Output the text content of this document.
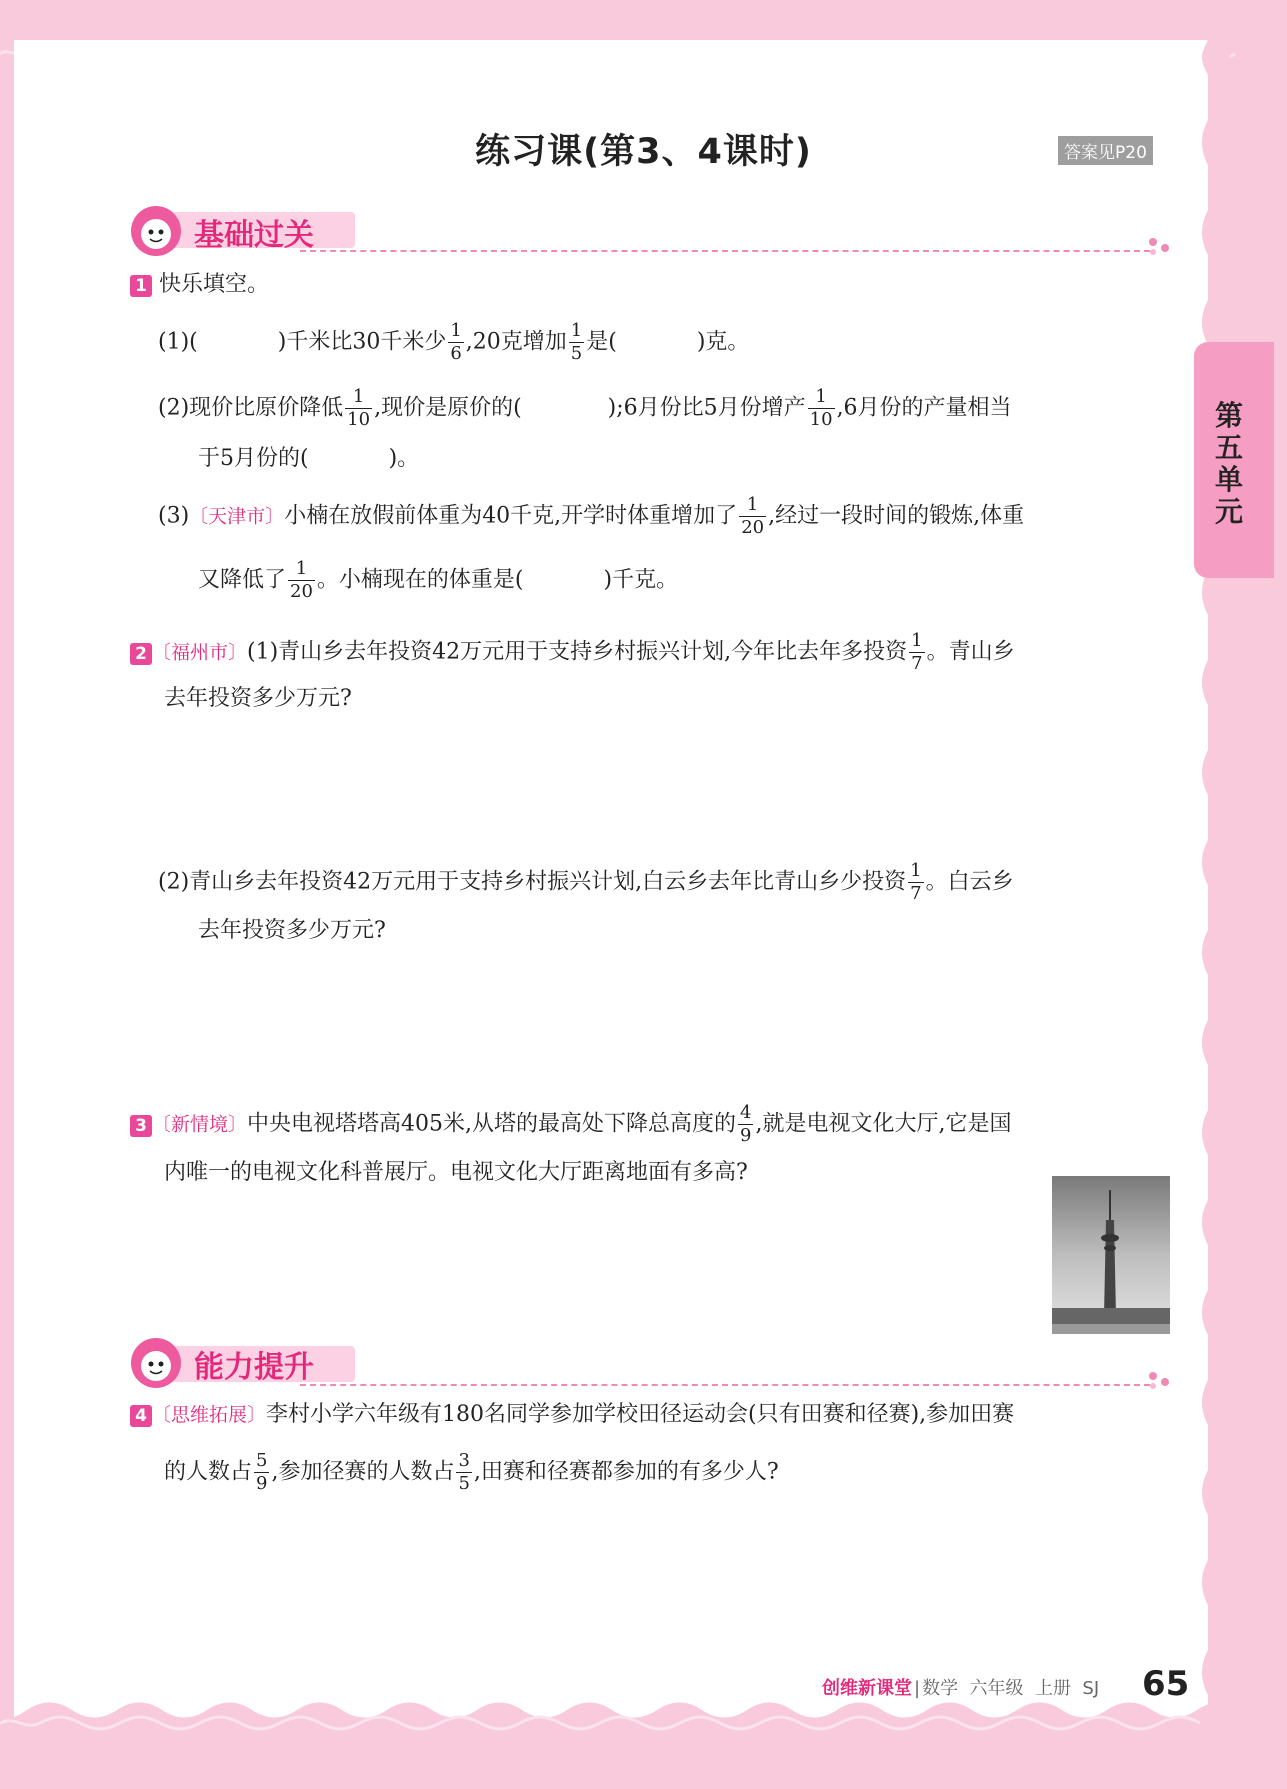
第五单元
练习课(第3、4课时)	答案见P20
基础过关
1 快乐填空。
(1)(	)千米比30千米少 $\frac{1}{6} ,20$克增加 $\frac{1}{5}$ 是(	)克。
(2)现价比原价降低 $\frac{1}{10}$ ,现价是原价的(	);6月份比5月份增产 $\frac{1}{10} ,6$月份的产量相当
于5月份的(	)。
(3)〔天津市〕小楠在放假前体重为40千克,开学时体重增加了 $\frac{1}{20}$ ,经过一段时间的锻炼,体重
又降低了 $\frac{1}{20}$ 。小楠现在的体重是(	)千克。
2 〔福州市〕(1)青山乡去年投资42万元用于支持乡村振兴计划,今年比去年多投资 $\frac{1}{7}$ 。青山乡
去年投资多少万元?
(2)青山乡去年投资42万元用于支持乡村振兴计划,白云乡去年比青山乡少投资 $\frac{1}{7}$ 。白云乡
去年投资多少万元?
3 〔新情境〕中央电视塔塔高405米,从塔的最高处下降总高度的 $\frac{4}{9}$ ,就是电视文化大厅,它是国
内唯一的电视文化科普展厅。电视文化大厅距离地面有多高?
能力提升
4 〔思维拓展〕李村小学六年级有180名同学参加学校田径运动会(只有田赛和径赛),参加田赛
的人数占 $\frac{5}{9}$ ,参加径赛的人数占 $\frac{3}{5}$ ,田赛和径赛都参加的有多少人?
创维新课堂 | 数学  六年级  上册  SJ 65
